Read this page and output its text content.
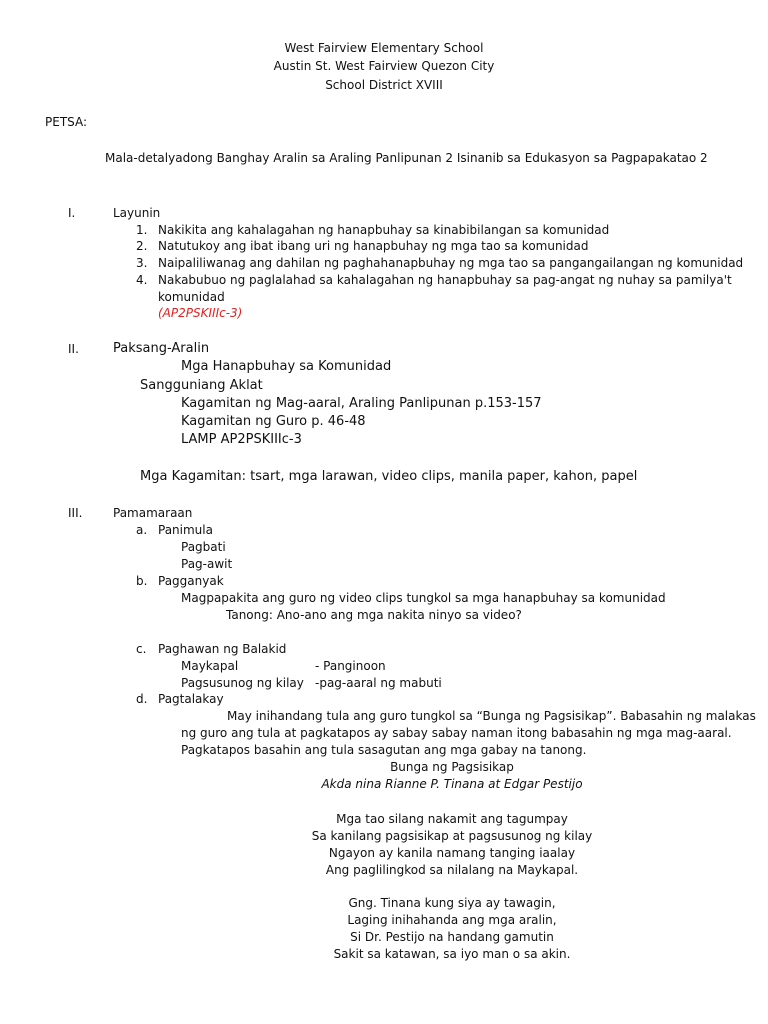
West Fairview Elementary School
Austin St. West Fairview Quezon City
School District XVIII
PETSA:
Mala-detalyadong Banghay Aralin sa Araling Panlipunan 2 Isinanib sa Edukasyon sa Pagpapakatao 2
I.	Layunin
1. Nakikita ang kahalagahan ng hanapbuhay sa kinabibilangan sa komunidad
2. Natutukoy ang ibat ibang uri ng hanapbuhay ng mga tao sa komunidad
3. Naipaliliwanag ang dahilan ng paghahanapbuhay ng mga tao sa pangangailangan ng komunidad
4. Nakabubuo ng paglalahad sa kahalagahan ng hanapbuhay sa pag-angat ng nuhay sa pamilya't
komunidad
(AP2PSKIIIc-3)
II.	Paksang-Aralin
Mga Hanapbuhay sa Komunidad
Sangguniang Aklat
Kagamitan ng Mag-aaral, Araling Panlipunan p.153-157
Kagamitan ng Guro p. 46-48
LAMP AP2PSKIIIc-3
Mga Kagamitan: tsart, mga larawan, video clips, manila paper, kahon, papel
III.	Pamamaraan
a. Panimula
Pagbati
Pag-awit
b. Pagganyak
Magpapakita ang guro ng video clips tungkol sa mga hanapbuhay sa komunidad
Tanong: Ano-ano ang mga nakita ninyo sa video?
c. Paghawan ng Balakid
Maykapal	- Panginoon
Pagsusunog ng kilay -pag-aaral ng mabuti
d. Pagtalakay
May inihandang tula ang guro tungkol sa “Bunga ng Pagsisikap”. Babasahin ng malakas
ng guro ang tula at pagkatapos ay sabay sabay naman itong babasahin ng mga mag-aaral.
Pagkatapos basahin ang tula sasagutan ang mga gabay na tanong.
Bunga ng Pagsisikap
Akda nina Rianne P. Tinana at Edgar Pestijo
Mga tao silang nakamit ang tagumpay
Sa kanilang pagsisikap at pagsusunog ng kilay
Ngayon ay kanila namang tanging iaalay
Ang paglilingkod sa nilalang na Maykapal.
Gng. Tinana kung siya ay tawagin,
Laging inihahanda ang mga aralin,
Si Dr. Pestijo na handang gamutin
Sakit sa katawan, sa iyo man o sa akin.
